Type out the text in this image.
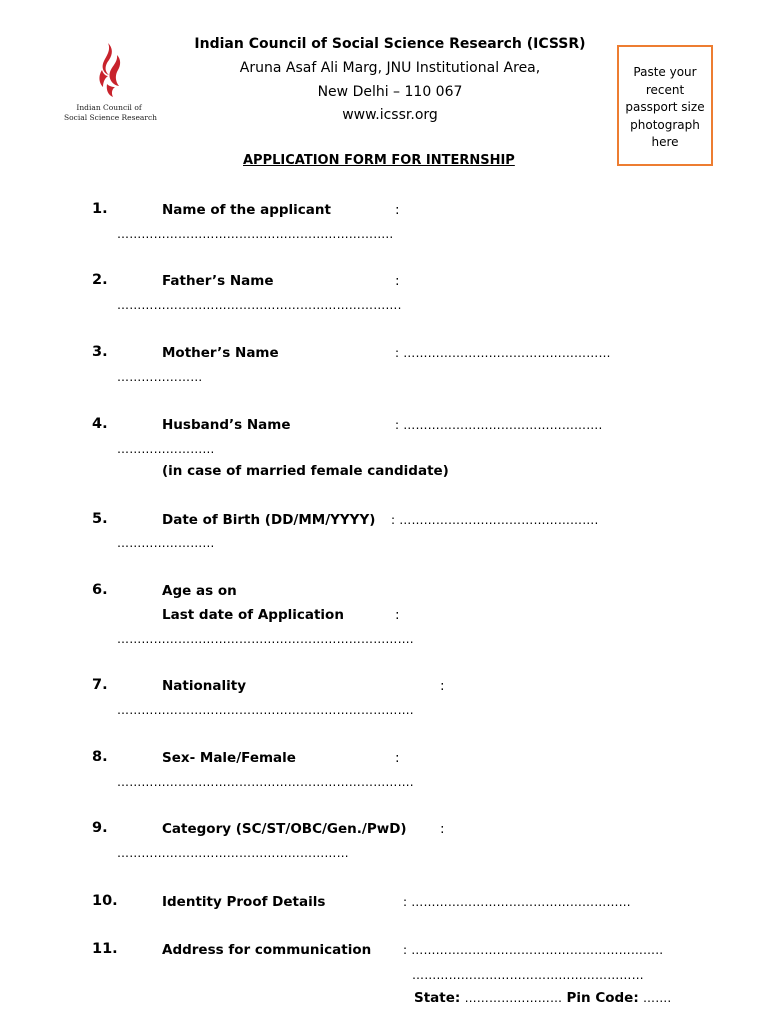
Indian Council of
Social Science Research
Indian Council of Social Science Research (ICSSR)
Aruna Asaf Ali Marg, JNU Institutional Area,
New Delhi – 110 067
www.icssr.org
Paste your
recent
passport size
photograph
here
APPLICATION FORM FOR INTERNSHIP
1.	Name of the applicant	:
…………………………………………………………..
2.	Father’s Name	:
…………………………………………………………….
3.	Mother’s Name	: ……………………………………………
…………………
4.	Husband’s Name	: ………………………………………….
……………………
(in case of married female candidate)
5.	Date of Birth (DD/MM/YYYY) : ………………………………………….
……………………
6.	Age as on
Last date of Application	:
……………………………………………………………….
7.	Nationality	:
……………………………………………………………….
8.	Sex- Male/Female	:
……………………………………………………………….
9.	Category (SC/ST/OBC/Gen./PwD) :
…………………………………………………
10.	Identity Proof Details	: ………………………………………………
11.	Address for communication	: ……………………………………………………..
…………………………………………………
State: …………………… Pin Code: …….
